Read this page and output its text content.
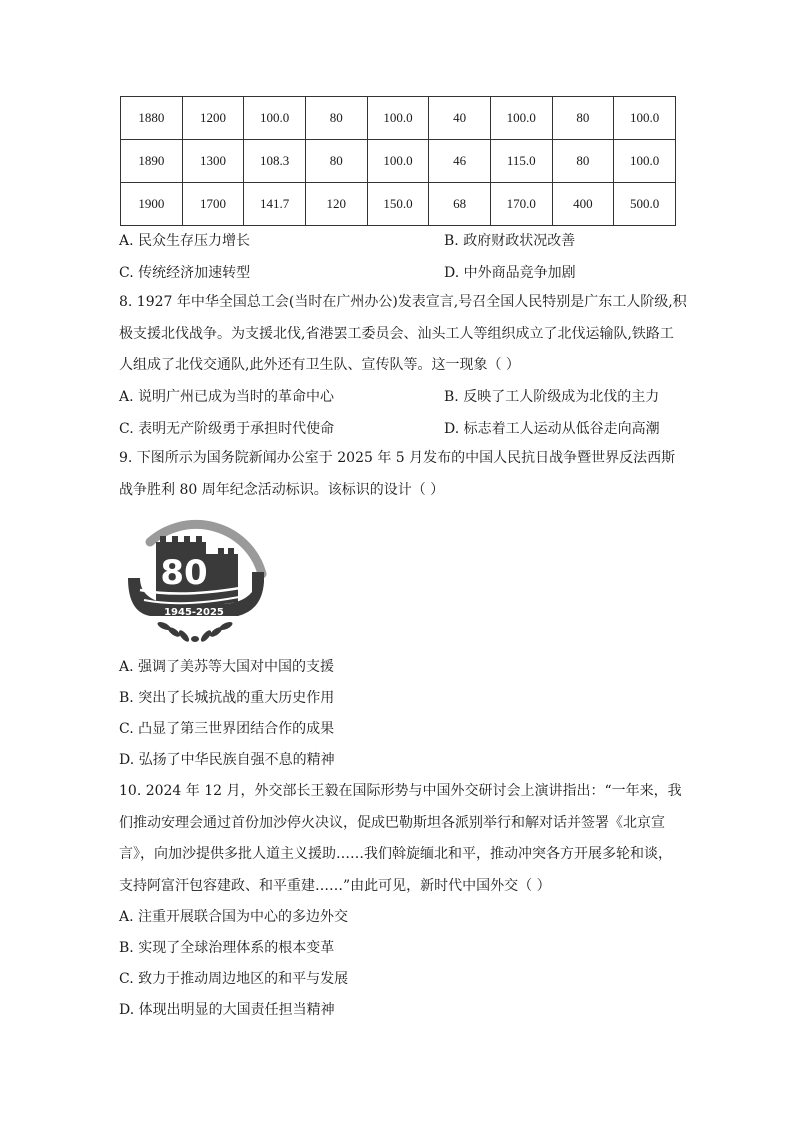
1880	1200	100.0	80	100.0	40	100.0	80	100.0
1890	1300	108.3	80	100.0	46	115.0	80	100.0
1900	1700	141.7	120	150.0	68	170.0	400	500.0
A. 民众生存压力增长	B. 政府财政状况改善
C. 传统经济加速转型	D. 中外商品竞争加剧

8. 1927 年中华全国总工会(当时在广州办公)发表宣言,号召全国人民特别是广东工人阶级,积

极支援北伐战争。为支援北伐,省港罢工委员会、汕头工人等组织成立了北伐运输队,铁路工

人组成了北伐交通队,此外还有卫生队、宣传队等。这一现象（ ）

A. 说明广州已成为当时的革命中心	B. 反映了工人阶级成为北伐的主力
C. 表明无产阶级勇于承担时代使命	D. 标志着工人运动从低谷走向高潮

9. 下图所示为国务院新闻办公室于 2025 年 5 月发布的中国人民抗日战争暨世界反法西斯

战争胜利 80 周年纪念活动标识。该标识的设计（ ）

80
1945-2025
A. 强调了美苏等大国对中国的支援
B. 突出了长城抗战的重大历史作用
C. 凸显了第三世界团结合作的成果
D. 弘扬了中华民族自强不息的精神

10. 2024 年 12 月，外交部长王毅在国际形势与中国外交研讨会上演讲指出：“一年来，我

们推动安理会通过首份加沙停火决议，促成巴勒斯坦各派别举行和解对话并签署《北京宣

言》，向加沙提供多批人道主义援助……我们斡旋缅北和平，推动冲突各方开展多轮和谈，

支持阿富汗包容建政、和平重建……”由此可见，新时代中国外交（ ）

A. 注重开展联合国为中心的多边外交
B. 实现了全球治理体系的根本变革
C. 致力于推动周边地区的和平与发展
D. 体现出明显的大国责任担当精神
